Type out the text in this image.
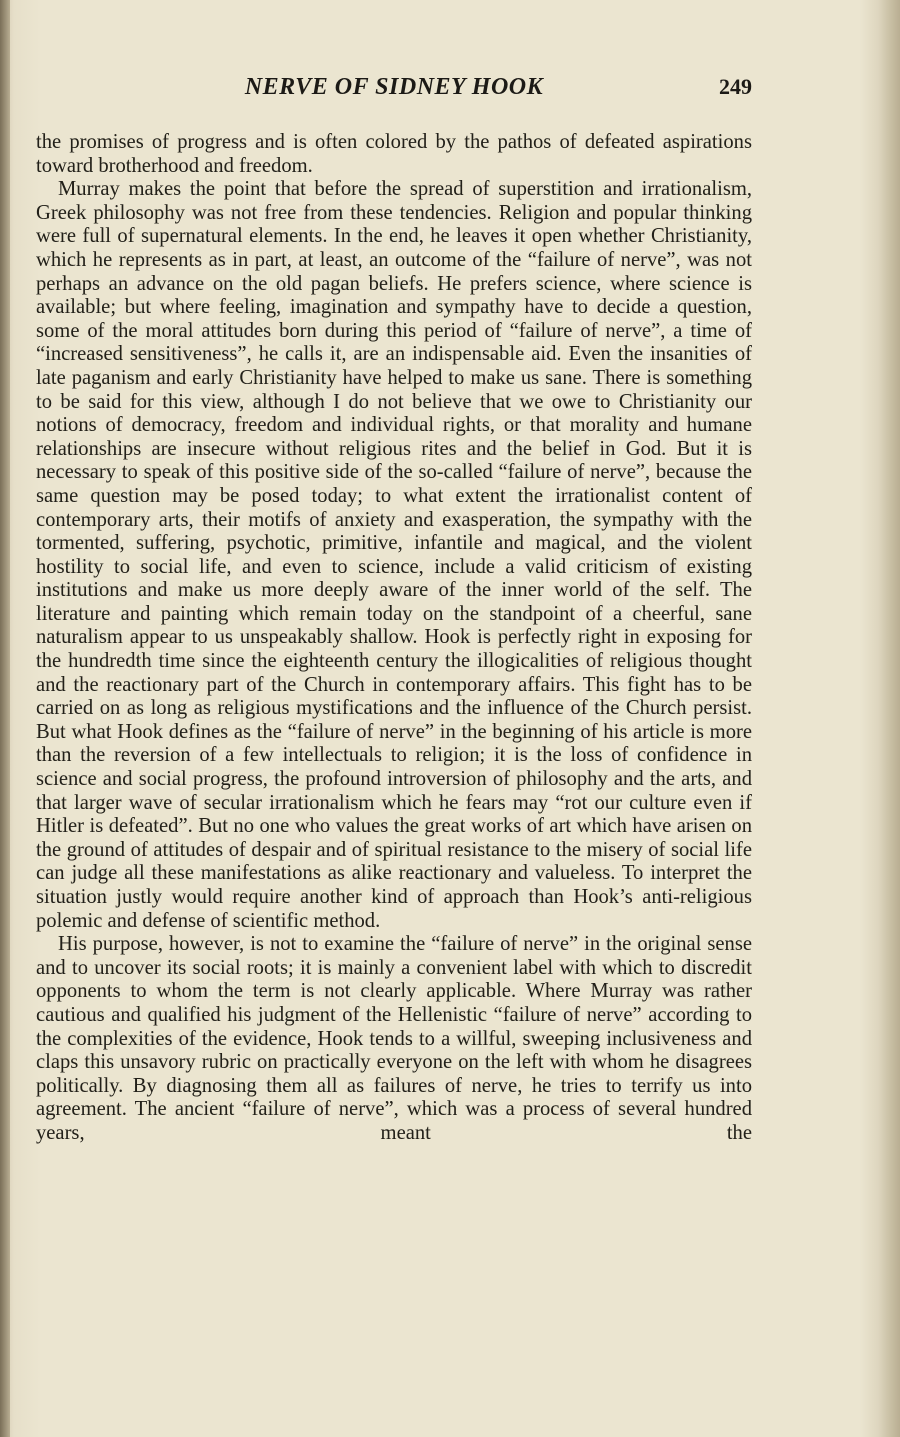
NERVE OF SIDNEY HOOK	249

the promises of progress and is often colored by the pathos of defeated aspirations toward brotherhood and freedom.

Murray makes the point that before the spread of superstition and irrationalism, Greek philosophy was not free from these tendencies. Religion and popular thinking were full of supernatural elements. In the end, he leaves it open whether Christianity, which he represents as in part, at least, an outcome of the “failure of nerve”, was not perhaps an advance on the old pagan beliefs. He prefers science, where science is available; but where feeling, imagination and sympathy have to decide a question, some of the moral attitudes born during this period of “failure of nerve”, a time of “increased sensitiveness”, he calls it, are an indispensable aid. Even the insanities of late paganism and early Christianity have helped to make us sane. There is something to be said for this view, although I do not believe that we owe to Christianity our notions of democracy, freedom and individual rights, or that morality and humane relationships are insecure without religious rites and the belief in God. But it is necessary to speak of this positive side of the so-called “failure of nerve”, because the same question may be posed today; to what extent the irrationalist content of contemporary arts, their motifs of anxiety and exasperation, the sympathy with the tormented, suffering, psychotic, primitive, infantile and magical, and the violent hostility to social life, and even to science, include a valid criticism of existing institutions and make us more deeply aware of the inner world of the self. The literature and painting which remain today on the standpoint of a cheerful, sane naturalism appear to us unspeakably shallow. Hook is perfectly right in exposing for the hundredth time since the eighteenth century the illogicalities of religious thought and the reactionary part of the Church in contemporary affairs. This fight has to be carried on as long as religious mystifications and the influence of the Church persist. But what Hook defines as the “failure of nerve” in the beginning of his article is more than the reversion of a few intellectuals to religion; it is the loss of confidence in science and social progress, the profound introversion of philosophy and the arts, and that larger wave of secular irrationalism which he fears may “rot our culture even if Hitler is defeated”. But no one who values the great works of art which have arisen on the ground of attitudes of despair and of spiritual resistance to the misery of social life can judge all these manifestations as alike reactionary and valueless. To interpret the situation justly would require another kind of approach than Hook’s anti-religious polemic and defense of scientific method.

His purpose, however, is not to examine the “failure of nerve” in the original sense and to uncover its social roots; it is mainly a convenient label with which to discredit opponents to whom the term is not clearly applicable. Where Murray was rather cautious and qualified his judgment of the Hellenistic “failure of nerve” according to the complexities of the evidence, Hook tends to a willful, sweeping inclusiveness and claps this unsavory rubric on practically everyone on the left with whom he disagrees politically. By diagnosing them all as failures of nerve, he tries to terrify us into agreement. The ancient “failure of nerve”, which was a process of several hundred years, meant the
